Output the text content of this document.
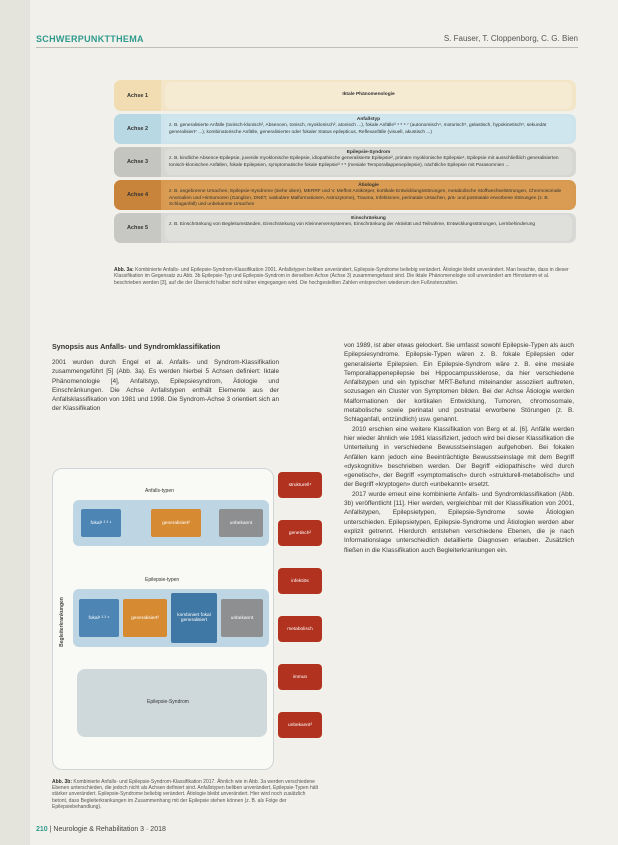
SCHWERPUNKTTHEMA	S. Fauser, T. Cloppenborg, C. G. Bien
Achse 1	Iktale Phänomenologie
Achse 2
Anfallstyp
z. B. generalisierte Anfälle (tonisch-klonisch², Absencen, tonisch, myoklonisch², atonisch ...), fokale Anfälle³ ⁴ ⁵ ⁶ ⁷ (autonomisch⁴, motorisch⁵, gelastisch, hypokinetisch⁶, sekundär generalisiert⁷ ...), kombinatorische Anfälle, generalisierter oder fokaler Status epilepticus, Reflexanfälle (visuell, akustisch ...)
Achse 3
Epilepsie-Syndrom
z. B. kindliche Absence-Epilepsie, juvenile myoklonische Epilepsie, idiopathische generalisierte Epilepsie², primäre myoklonische Epilepsie¹, Epilepsie mit ausschließlich generalisierten tonisch-klonischen Anfällen, fokale Epilepsien, symptomatische fokale Epilepsie³ ⁴ ⁵ (mesiale Temporallappenepilepsie), nächtliche Epilepsie mit Parasomnien ...
Achse 4
Ätiologie
z. B. angeborene Ursachen, Epilepsie-Syndrome (siehe oben), MERRF und V. Mefhnt Antikörper, kortikale Entwicklungsstörungen, metabolische Stoffwechselstörungen, Chromosomale Anomalien und Hirntumoren (Ganglion, DNET, vaskuläre Malformationen, Astrozytome), Trauma, Infektionen, perinatale Ursachen, prä- und postnatale erworbene Störungen (z. B. Schlaganfall) und unbekannte Ursachen
Achse 5
Einschränkung
z. B. Einschränkung von Begleitumständen, Einschränkung von Kleinnervensystemen, Einschränkung der Aktivität und Teilnahme, Entwicklungsstörungen, Lernbehinderung
Abb. 3a: Kombinierte Anfalls- und Epilepsie-Syndrom-Klassifikation 2001. Anfallstypen beliben unverändert, Epilepsie-Syndrome beliebig verändert. Ätiologie bleibt unverändert. Man beachte, dass in dieser Klassifikation im Gegensatz zu Abb. 3b Epilepsie-Typ und Epilepsie-Syndrom in derselben Achse (Achse 3) zusammengefasst sind. Die iktale Phänomenologie soll unverändert am Hirnstamm et al. beschrieben werden [3], auf die der Übersicht halber nicht näher eingegangen wird. Die hochgestellten Zahlen entsprechen wiederum den Fußnotenzahlen.
Synopsis aus Anfalls- und Syndromklassifikation

2001 wurden durch Engel et al. Anfalls- und Syndrom-Klassifikation zusammengeführt [5] (Abb. 3a). Es werden hierbei 5 Achsen definiert: Iktale Phänomenologie [4], Anfallstyp, Epilepsiesyndrom, Ätiologie und Einschränkungen. Die Achse Anfallstypen enthält Elemente aus der Anfallsklassifikation von 1981 und 1998. Die Syndrom-Achse 3 orientiert sich an der Klassifikation

von 1989, ist aber etwas gelockert. Sie umfasst sowohl Epilepsie-Typen als auch Epilepsiesyndrome. Epilepsie-Typen wären z. B. fokale Epilepsien oder generalisierte Epilepsien. Ein Epilepsie-Syndrom wäre z. B. eine mesiale Temporallappenepilepsie bei Hippocampussklerose, da hier verschiedene Anfallstypen und ein typischer MRT-Befund miteinander assoziiert auftreten, sozusagen ein Cluster von Symptomen bilden. Bei der Achse Ätiologie werden Malformationen der kortikalen Entwicklung, Tumoren, chromosomale, metabolische sowie perinatal und postnatal erworbene Störungen (z. B. Schlaganfall, entzündlich) usw. genannt.

2010 erschien eine weitere Klassifikation von Berg et al. [6]. Anfälle werden hier wieder ähnlich wie 1981 klassifiziert, jedoch wird bei dieser Klassifikation die Unterteilung in verschiedene Bewusstseinslagen aufgehoben. Bei fokalen Anfällen kann jedoch eine Beeinträchtigte Bewusstseinslage mit dem Begriff «dyskognitiv» beschrieben werden. Der Begriff «idiopathisch» wird durch «genetisch», der Begriff «symptomatisch» durch «strukturell-metabolisch» und der Begriff «kryptogen» durch «unbekannt» ersetzt.

2017 wurde erneut eine kombinierte Anfalls- und Syndromklassifikation (Abb. 3b) veröffentlicht [11]. Hier werden, vergleichbar mit der Klassifikation von 2001, Anfallstypen, Epilepsietypen, Epilepsie-Syndrome sowie Ätiologien unterschieden. Epilepsietypen, Epilepsie-Syndrome und Ätiologien werden aber explizit getrennt. Hierdurch entstehen verschiedene Ebenen, die je nach Informationslage unterschiedlich detaillierte Diagnosen erlauben. Zusätzlich fließen in die Klassifikation auch Begleiterkrankungen ein.

Begleiterkrankungen
Anfalls-typen
fokal¹ ² ³ ⁴	generalisiert²	unbekannt
Epilepsie-typen
fokal¹ ² ³ ⁴	generalisiert²	kombiniert fokal generalisiert	unbekannt
Epilepsie-Syndrom
strukturell⁴
genetisch²
infektiös
metabolisch
immun
unbekannt³
Abb. 3b: Kombinierte Anfalls- und Epilepsie-Syndrom-Klassifikation 2017. Ähnlich wie in Abb. 3a werden verschiedene Ebenen unterschieden, die jedoch nicht als Achsen definiert sind. Anfallstypen beliben unverändert, Epilepsie-Typen hält stärker unverändert. Epilepsie-Syndrome beliebig verändert. Ätiologie bleibt unverändert. Hier wird noch zusätzlich betont, dass Begleiterkrankungen im Zusammenhang mit der Epilepsie stehen können (z. B. als Folge der Epilepsiebehandlung).
210 | Neurologie & Rehabilitation 3 · 2018
